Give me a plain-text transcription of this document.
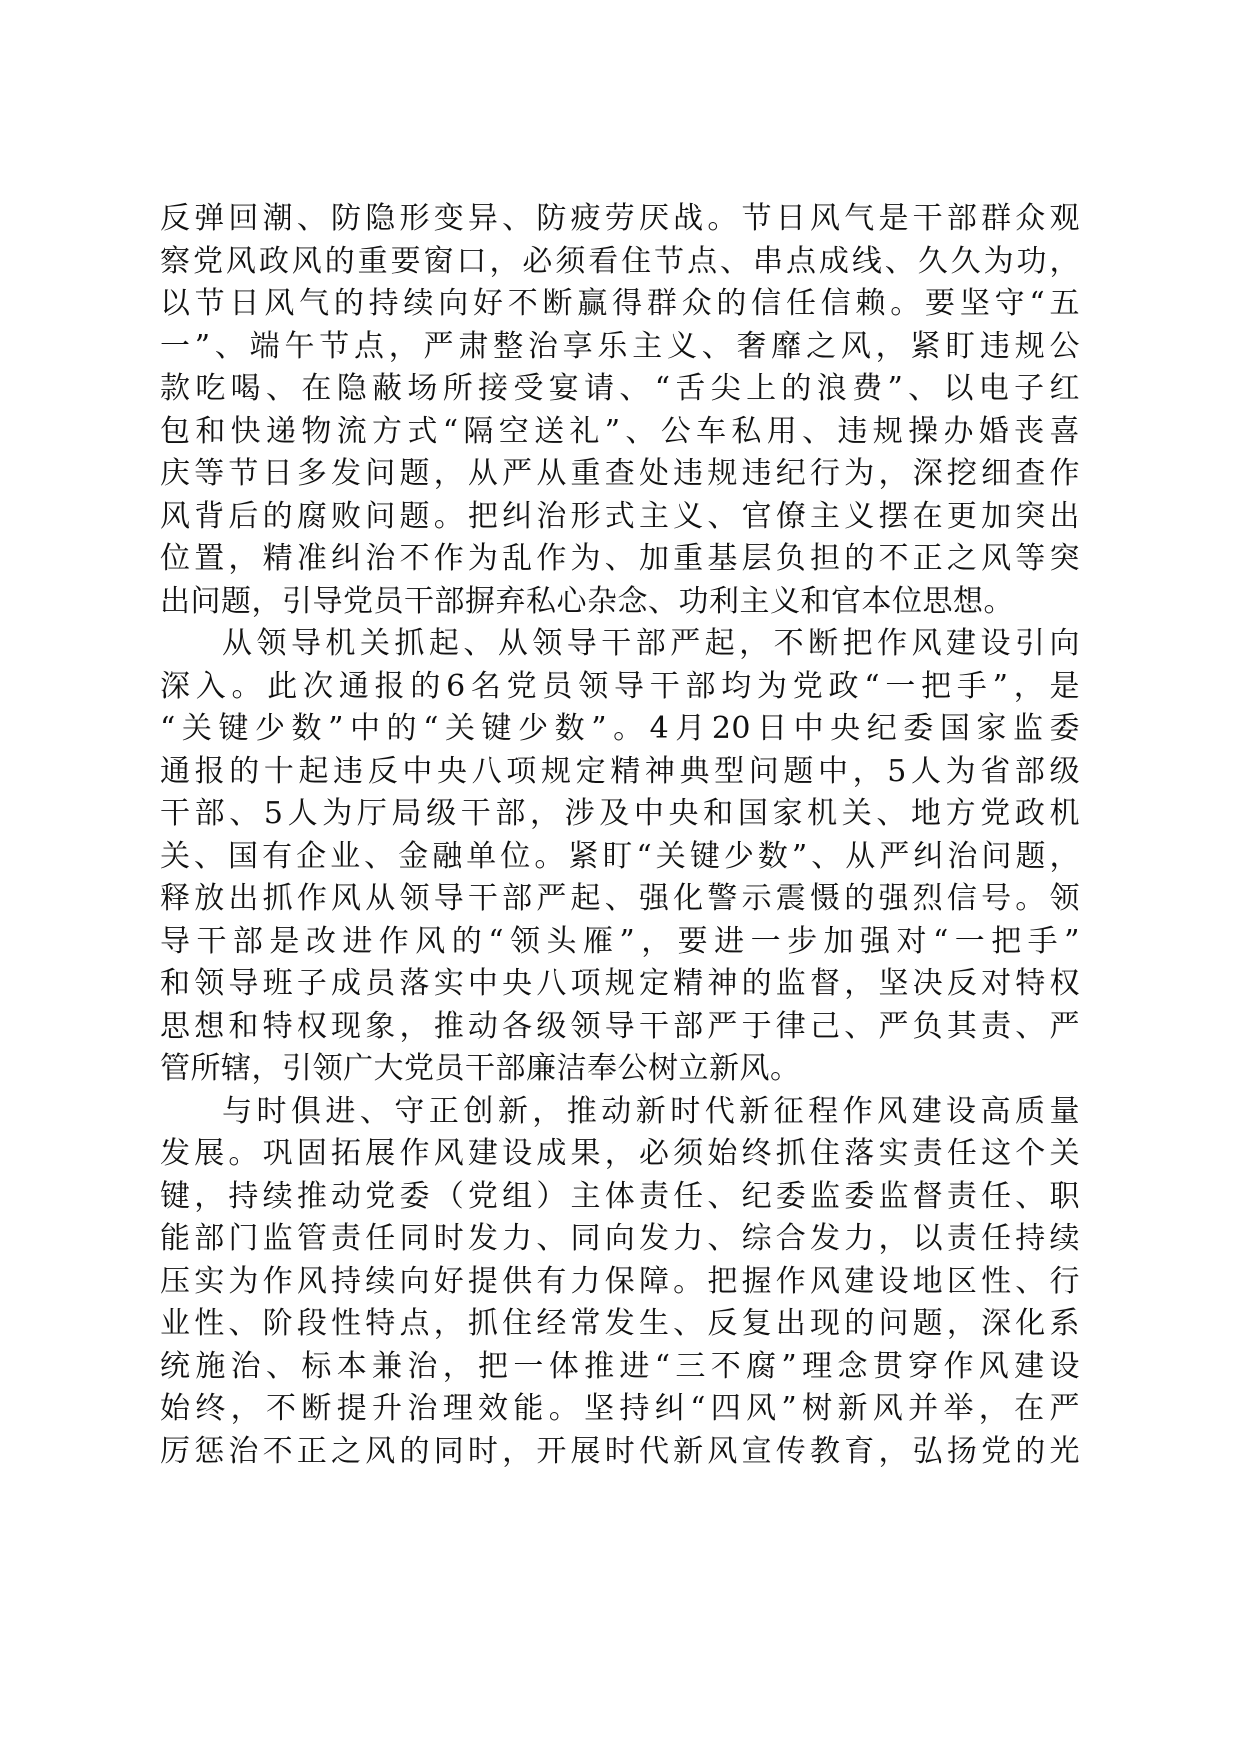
反弹回潮、防隐形变异、防疲劳厌战。节日风气是干部群众观
察党风政风的重要窗口，必须看住节点、串点成线、久久为功，
以节日风气的持续向好不断赢得群众的信任信赖。要坚守“五
一”、端午节点，严肃整治享乐主义、奢靡之风，紧盯违规公
款吃喝、在隐蔽场所接受宴请、“舌尖上的浪费”、以电子红
包和快递物流方式“隔空送礼”、公车私用、违规操办婚丧喜
庆等节日多发问题，从严从重查处违规违纪行为，深挖细查作
风背后的腐败问题。把纠治形式主义、官僚主义摆在更加突出
位置，精准纠治不作为乱作为、加重基层负担的不正之风等突
出问题，引导党员干部摒弃私心杂念、功利主义和官本位思想。
从领导机关抓起、从领导干部严起，不断把作风建设引向
深入。此次通报的6名党员领导干部均为党政“一把手”，是
“关键少数”中的“关键少数”。4月20日中央纪委国家监委
通报的十起违反中央八项规定精神典型问题中，5人为省部级
干部、5人为厅局级干部，涉及中央和国家机关、地方党政机
关、国有企业、金融单位。紧盯“关键少数”、从严纠治问题，
释放出抓作风从领导干部严起、强化警示震慑的强烈信号。领
导干部是改进作风的“领头雁”，要进一步加强对“一把手”
和领导班子成员落实中央八项规定精神的监督，坚决反对特权
思想和特权现象，推动各级领导干部严于律己、严负其责、严
管所辖，引领广大党员干部廉洁奉公树立新风。
与时俱进、守正创新，推动新时代新征程作风建设高质量
发展。巩固拓展作风建设成果，必须始终抓住落实责任这个关
键，持续推动党委（党组）主体责任、纪委监委监督责任、职
能部门监管责任同时发力、同向发力、综合发力，以责任持续
压实为作风持续向好提供有力保障。把握作风建设地区性、行
业性、阶段性特点，抓住经常发生、反复出现的问题，深化系
统施治、标本兼治，把一体推进“三不腐”理念贯穿作风建设
始终，不断提升治理效能。坚持纠“四风”树新风并举，在严
厉惩治不正之风的同时，开展时代新风宣传教育，弘扬党的光
